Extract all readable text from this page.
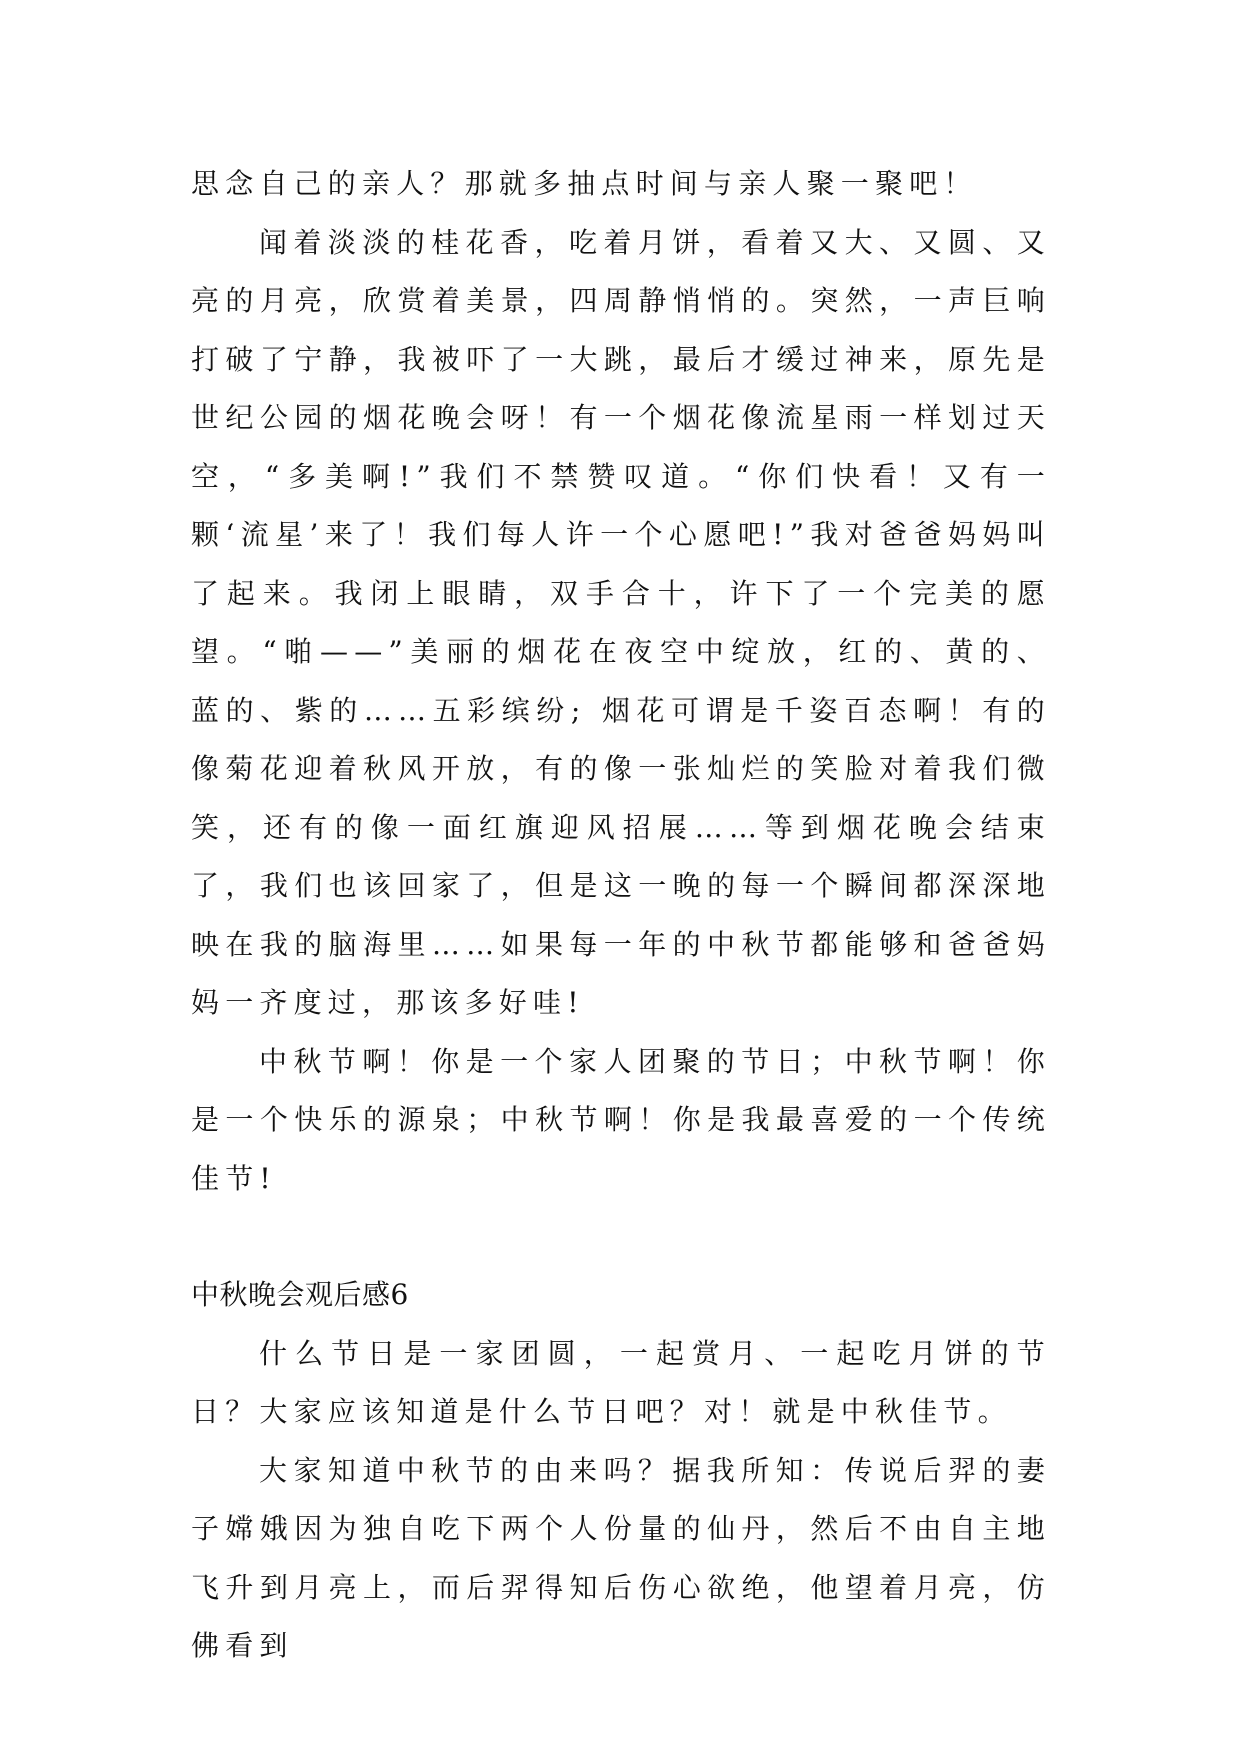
思念自己的亲人？那就多抽点时间与亲人聚一聚吧！

闻着淡淡的桂花香，吃着月饼，看着又大、又圆、又亮的月亮，欣赏着美景，四周静悄悄的。突然，一声巨响打破了宁静，我被吓了一大跳，最后才缓过神来，原先是世纪公园的烟花晚会呀！有一个烟花像流星雨一样划过天空，“多美啊!”我们不禁赞叹道。“你们快看！又有一颗‘流星’来了！我们每人许一个心愿吧!”我对爸爸妈妈叫了起来。我闭上眼睛，双手合十，许下了一个完美的愿望。“啪——”美丽的烟花在夜空中绽放，红的、黄的、蓝的、紫的……五彩缤纷; 烟花可谓是千姿百态啊！有的像菊花迎着秋风开放，有的像一张灿烂的笑脸对着我们微笑，还有的像一面红旗迎风招展……等到烟花晚会结束了，我们也该回家了，但是这一晚的每一个瞬间都深深地映在我的脑海里……如果每一年的中秋节都能够和爸爸妈妈一齐度过，那该多好哇!

中秋节啊！你是一个家人团聚的节日；中秋节啊！你是一个快乐的源泉；中秋节啊！你是我最喜爱的一个传统佳节!

中秋晚会观后感6

什么节日是一家团圆，一起赏月、一起吃月饼的节日？大家应该知道是什么节日吧？对！就是中秋佳节。

大家知道中秋节的由来吗？据我所知：传说后羿的妻子嫦娥因为独自吃下两个人份量的仙丹，然后不由自主地飞升到月亮上，而后羿得知后伤心欲绝，他望着月亮，仿佛看到
